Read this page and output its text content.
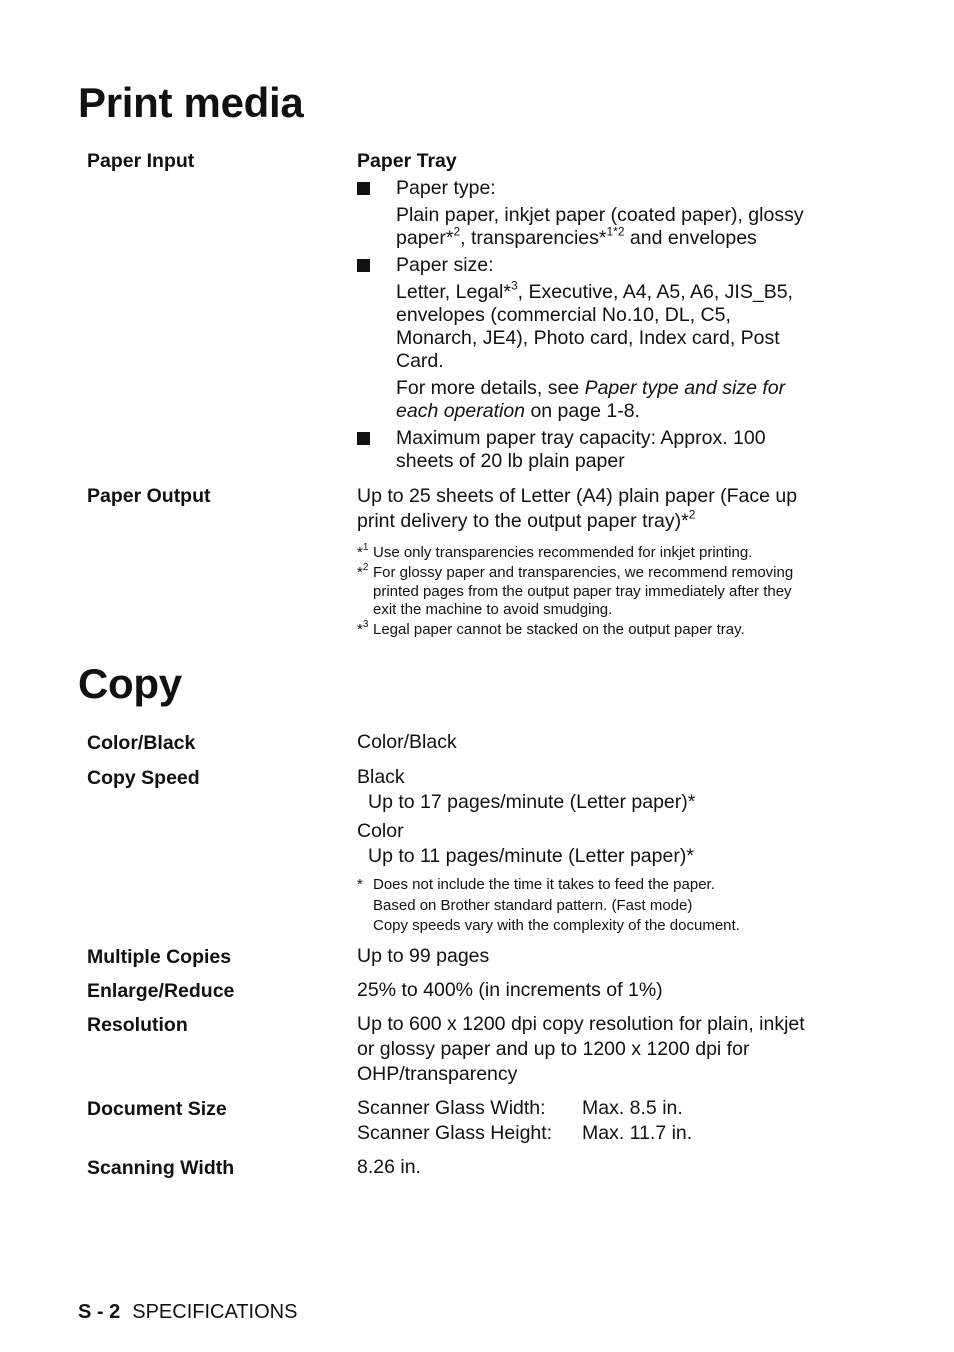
Print media
Paper Input	Paper Tray
Paper type:
Plain paper, inkjet paper (coated paper), glossy
paper*$^2$, transparencies*$^{1*2}$ and envelopes
Paper size:
Letter, Legal*$^3$, Executive, A4, A5, A6, JIS_B5,
envelopes (commercial No.10, DL, C5,
Monarch, JE4), Photo card, Index card, Post
Card.
For more details, see Paper type and size for each operation on page 1-8.
Maximum paper tray capacity: Approx. 100
sheets of 20 lb plain paper
Paper Output	Up to 25 sheets of Letter (A4) plain paper (Face up
print delivery to the output paper tray)*$^2$
*$^1$ Use only transparencies recommended for inkjet printing.
*$^2$ For glossy paper and transparencies, we recommend removing
printed pages from the output paper tray immediately after they
exit the machine to avoid smudging.
*$^3$ Legal paper cannot be stacked on the output paper tray.
Copy
Color/Black	Color/Black
Copy Speed	Black
Up to 17 pages/minute (Letter paper)*
Color
Up to 11 pages/minute (Letter paper)*
* Does not include the time it takes to feed the paper.
Based on Brother standard pattern. (Fast mode)
Copy speeds vary with the complexity of the document.
Multiple Copies	Up to 99 pages
Enlarge/Reduce	25% to 400% (in increments of 1%)
Resolution	Up to 600 x 1200 dpi copy resolution for plain, inkjet
or glossy paper and up to 1200 x 1200 dpi for
OHP/transparency
Document Size	Scanner Glass Width: Max. 8.5 in.
Scanner Glass Height: Max. 11.7 in.
Scanning Width	8.26 in.
S - 2 SPECIFICATIONS
